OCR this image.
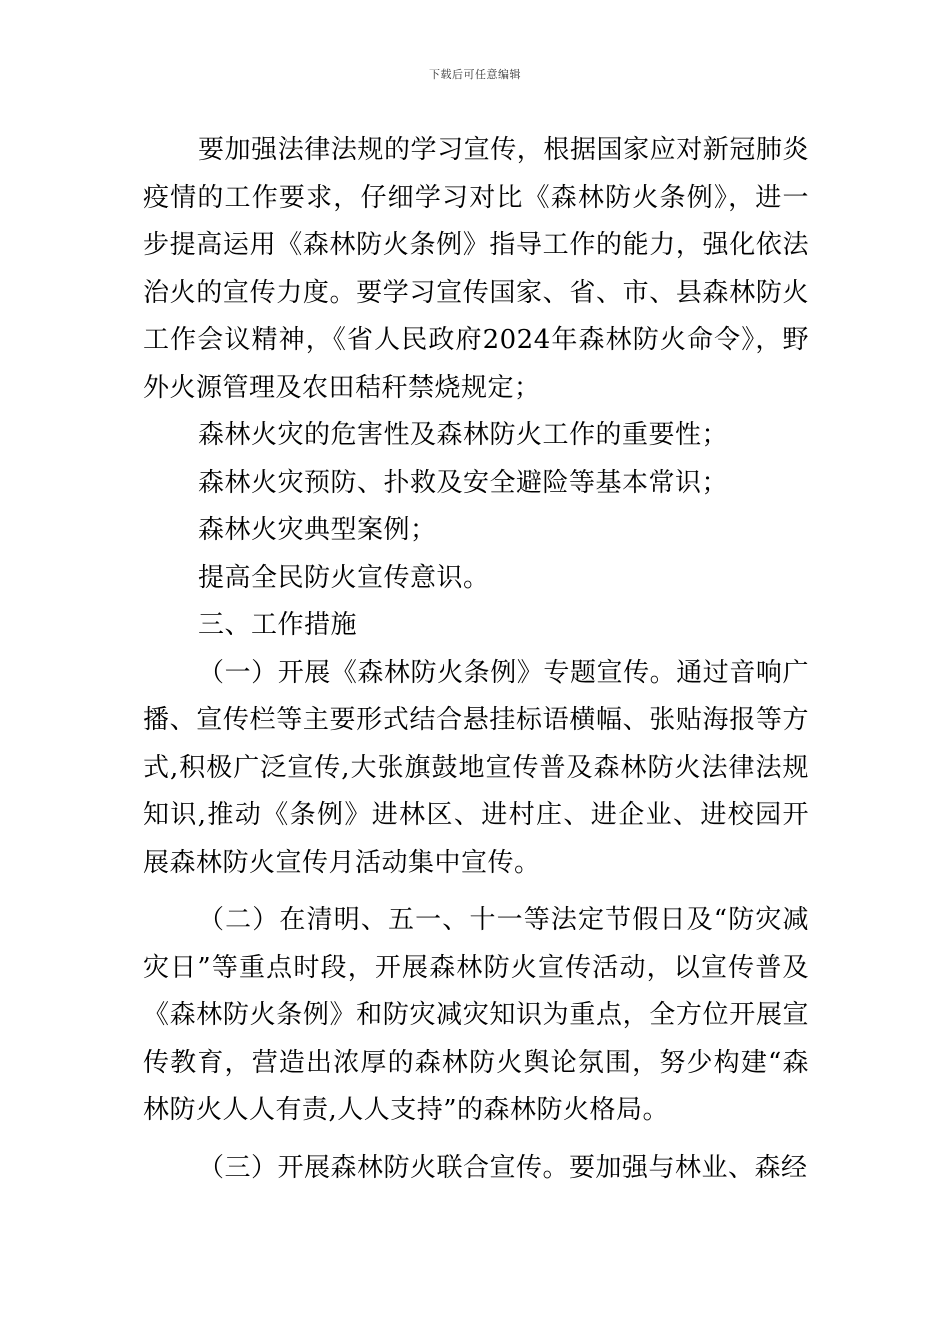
下载后可任意编辑

要加强法律法规的学习宣传，根据国家应对新冠肺炎疫情的工作要求，仔细学习对比《森林防火条例》，进一步提高运用《森林防火条例》指导工作的能力，强化依法治火的宣传力度。要学习宣传国家、省、市、县森林防火工作会议精神，《省人民政府2024年森林防火命令》，野外火源管理及农田秸秆禁烧规定；

森林火灾的危害性及森林防火工作的重要性；

森林火灾预防、扑救及安全避险等基本常识；

森林火灾典型案例；

提高全民防火宣传意识。

三、工作措施

（一）开展《森林防火条例》专题宣传。通过音响广播、宣传栏等主要形式结合悬挂标语横幅、张贴海报等方式,积极广泛宣传,大张旗鼓地宣传普及森林防火法律法规知识,推动《条例》进林区、进村庄、进企业、进校园开展森林防火宣传月活动集中宣传。

（二）在清明、五一、十一等法定节假日及“防灾减灾日”等重点时段，开展森林防火宣传活动，以宣传普及《森林防火条例》和防灾减灾知识为重点，全方位开展宣传教育，营造出浓厚的森林防火舆论氛围，努少构建“森林防火人人有责,人人支持”的森林防火格局。

（三）开展森林防火联合宣传。要加强与林业、森经
